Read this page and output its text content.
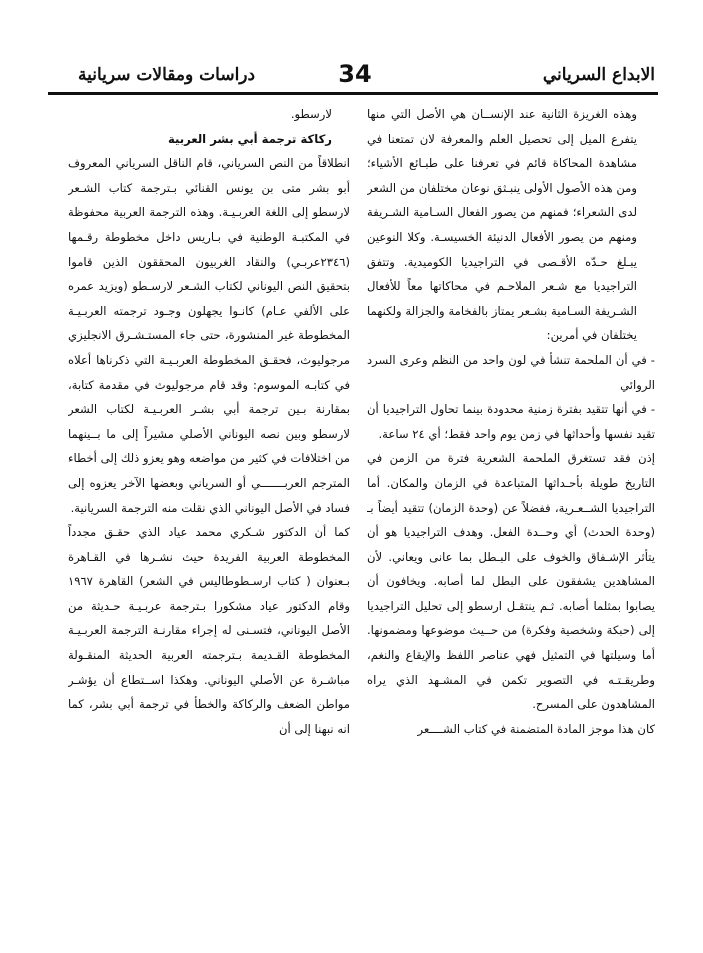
الابداع السرياني
34
دراسات ومقالات سريانية

وهذه الغريزة الثانية عند الإنســان هي الأصل التي منها يتفرع الميل إلى تحصيل العلم والمعرفة لان تمتعنا في مشاهدة المحاكاة قائم في تعرفنا على طبـائع الأشياء؛ ومن هذه الأصول الأولى ينبـثق نوعان مختلفان من الشعر لدى الشعراء؛ فمنهم من يصور الفعال السـامية الشـريفة ومنهم من يصور الأفعال الدنيئة الخسيسـة. وكلا النوعين يبـلغ حـدّه الأقـصى في التراجيديا الكوميدية. وتتفق التراجيديا مع شـعر الملاحـم في محاكاتها معاً للأفعال الشـريفة السـامية بشـعر يمتاز بالفخامة والجزالة ولكنهما يختلفان في أمرين:

- في أن الملحمة تنشأ في لون واحد من النظم وعرى السرد الروائي

- في أنها تتقيد بفترة زمنية محدودة بينما تحاول التراجيديا أن تقيد نفسها وأحداثها في زمن يوم واحد فقط؛ أي ٢٤ ساعة.

إذن فقد تستغرق الملحمة الشعرية فترة من الزمن في التاريخ طويلة بأحـداثها المتباعدة في الزمان والمكان. أما التراجيديا الشــعـرية، ففضلاً عن (وحدة الزمان) تتقيد أيضاً بـ (وحدة الحدث) أي وحــدة الفعل. وهدف التراجيديا هو أن يتأثر الإشـفاق والخوف على البـطل بما عانى ويعاني. لأن المشاهدين يشفقون على البطل لما أصابه. ويخافون أن يصابوا بمثلما أصابه. ثـم ينتقـل ارسطو إلى تحليل التراجيديا إلى (حبكة وشخصية وفكرة) من حــيث موضوعها ومضمونها. أما وسيلتها في التمثيل فهي عناصر اللفظ والإيقاع والنغم، وطريقـتـه في التصوير تكمن في المشـهد الذي يراه المشاهدون على المسرح.

كان هذا موجز المادة المتضمنة في كتاب الشــــعر

لارسطو.

ركاكة ترجمة أبي بشر العربية

انطلاقاً من النص السرياني، قام الناقل السرياني المعروف أبو بشر متى بن يونس القنائي بـترجمة كتاب الشـعر لارسطو إلى اللغة العربـيـة. وهذه الترجمة العربية محفوظة في المكتبـة الوطنية في بـاريس داخل مخطوطة رقـمها (٢٣٤٦عربـي) والنقاد الغربيون المحققون الذين قاموا بتحقيق النص اليوناني لكتاب الشـعر لارسـطو (ويزيد عمره على الألفي عـام) كانـوا يجهلون وجـود ترجمته العربـيـة المخطوطة غير المنشورة، حتى جاء المستـشـرق الانجليزي مرجوليوث، فحقـق المخطوطة العربـيـة التي ذكرناها أعلاه في كتابـه الموسوم: وقد قام مرجوليوث في مقدمة كتابة، بمقارنة بـين ترجمة أبي بشـر العربـيـة لكتاب الشعر لارسطو وبين نصه اليوناني الأصلي مشيراً إلى ما بــينهما من اختلافات في كثير من مواضعه وهو يعزو ذلك إلى أخطاء المترجم العربـــــــي أو السرياني وبعضها الآخر يعزوه إلى فساد في الأصل اليوناني الذي نقلت منه الترجمة السريانية.

كما أن الدكتور شـكري محمد عياد الذي حقـق مجدداً المخطوطة العربية الفريدة حيث نشـرها في القـاهرة بـعنوان ( كتاب ارسـطوطاليس في الشعر) القاهرة ١٩٦٧ وقام الدكتور عياد مشكورا بـترجمة عربـيـة حـديثة من الأصل اليوناني، فتسـنى له إجراء مقارنـة الترجمة العربـيـة المخطوطة القـديمة بـترجمته العربية الحديثة المنقـولة مباشـرة عن الأصلي اليوناني. وهكذا اســتطاع أن يؤشـر مواطن الضعف والركاكة والخطأ في ترجمة أبي بشر، كما انه نبهنا إلى أن
